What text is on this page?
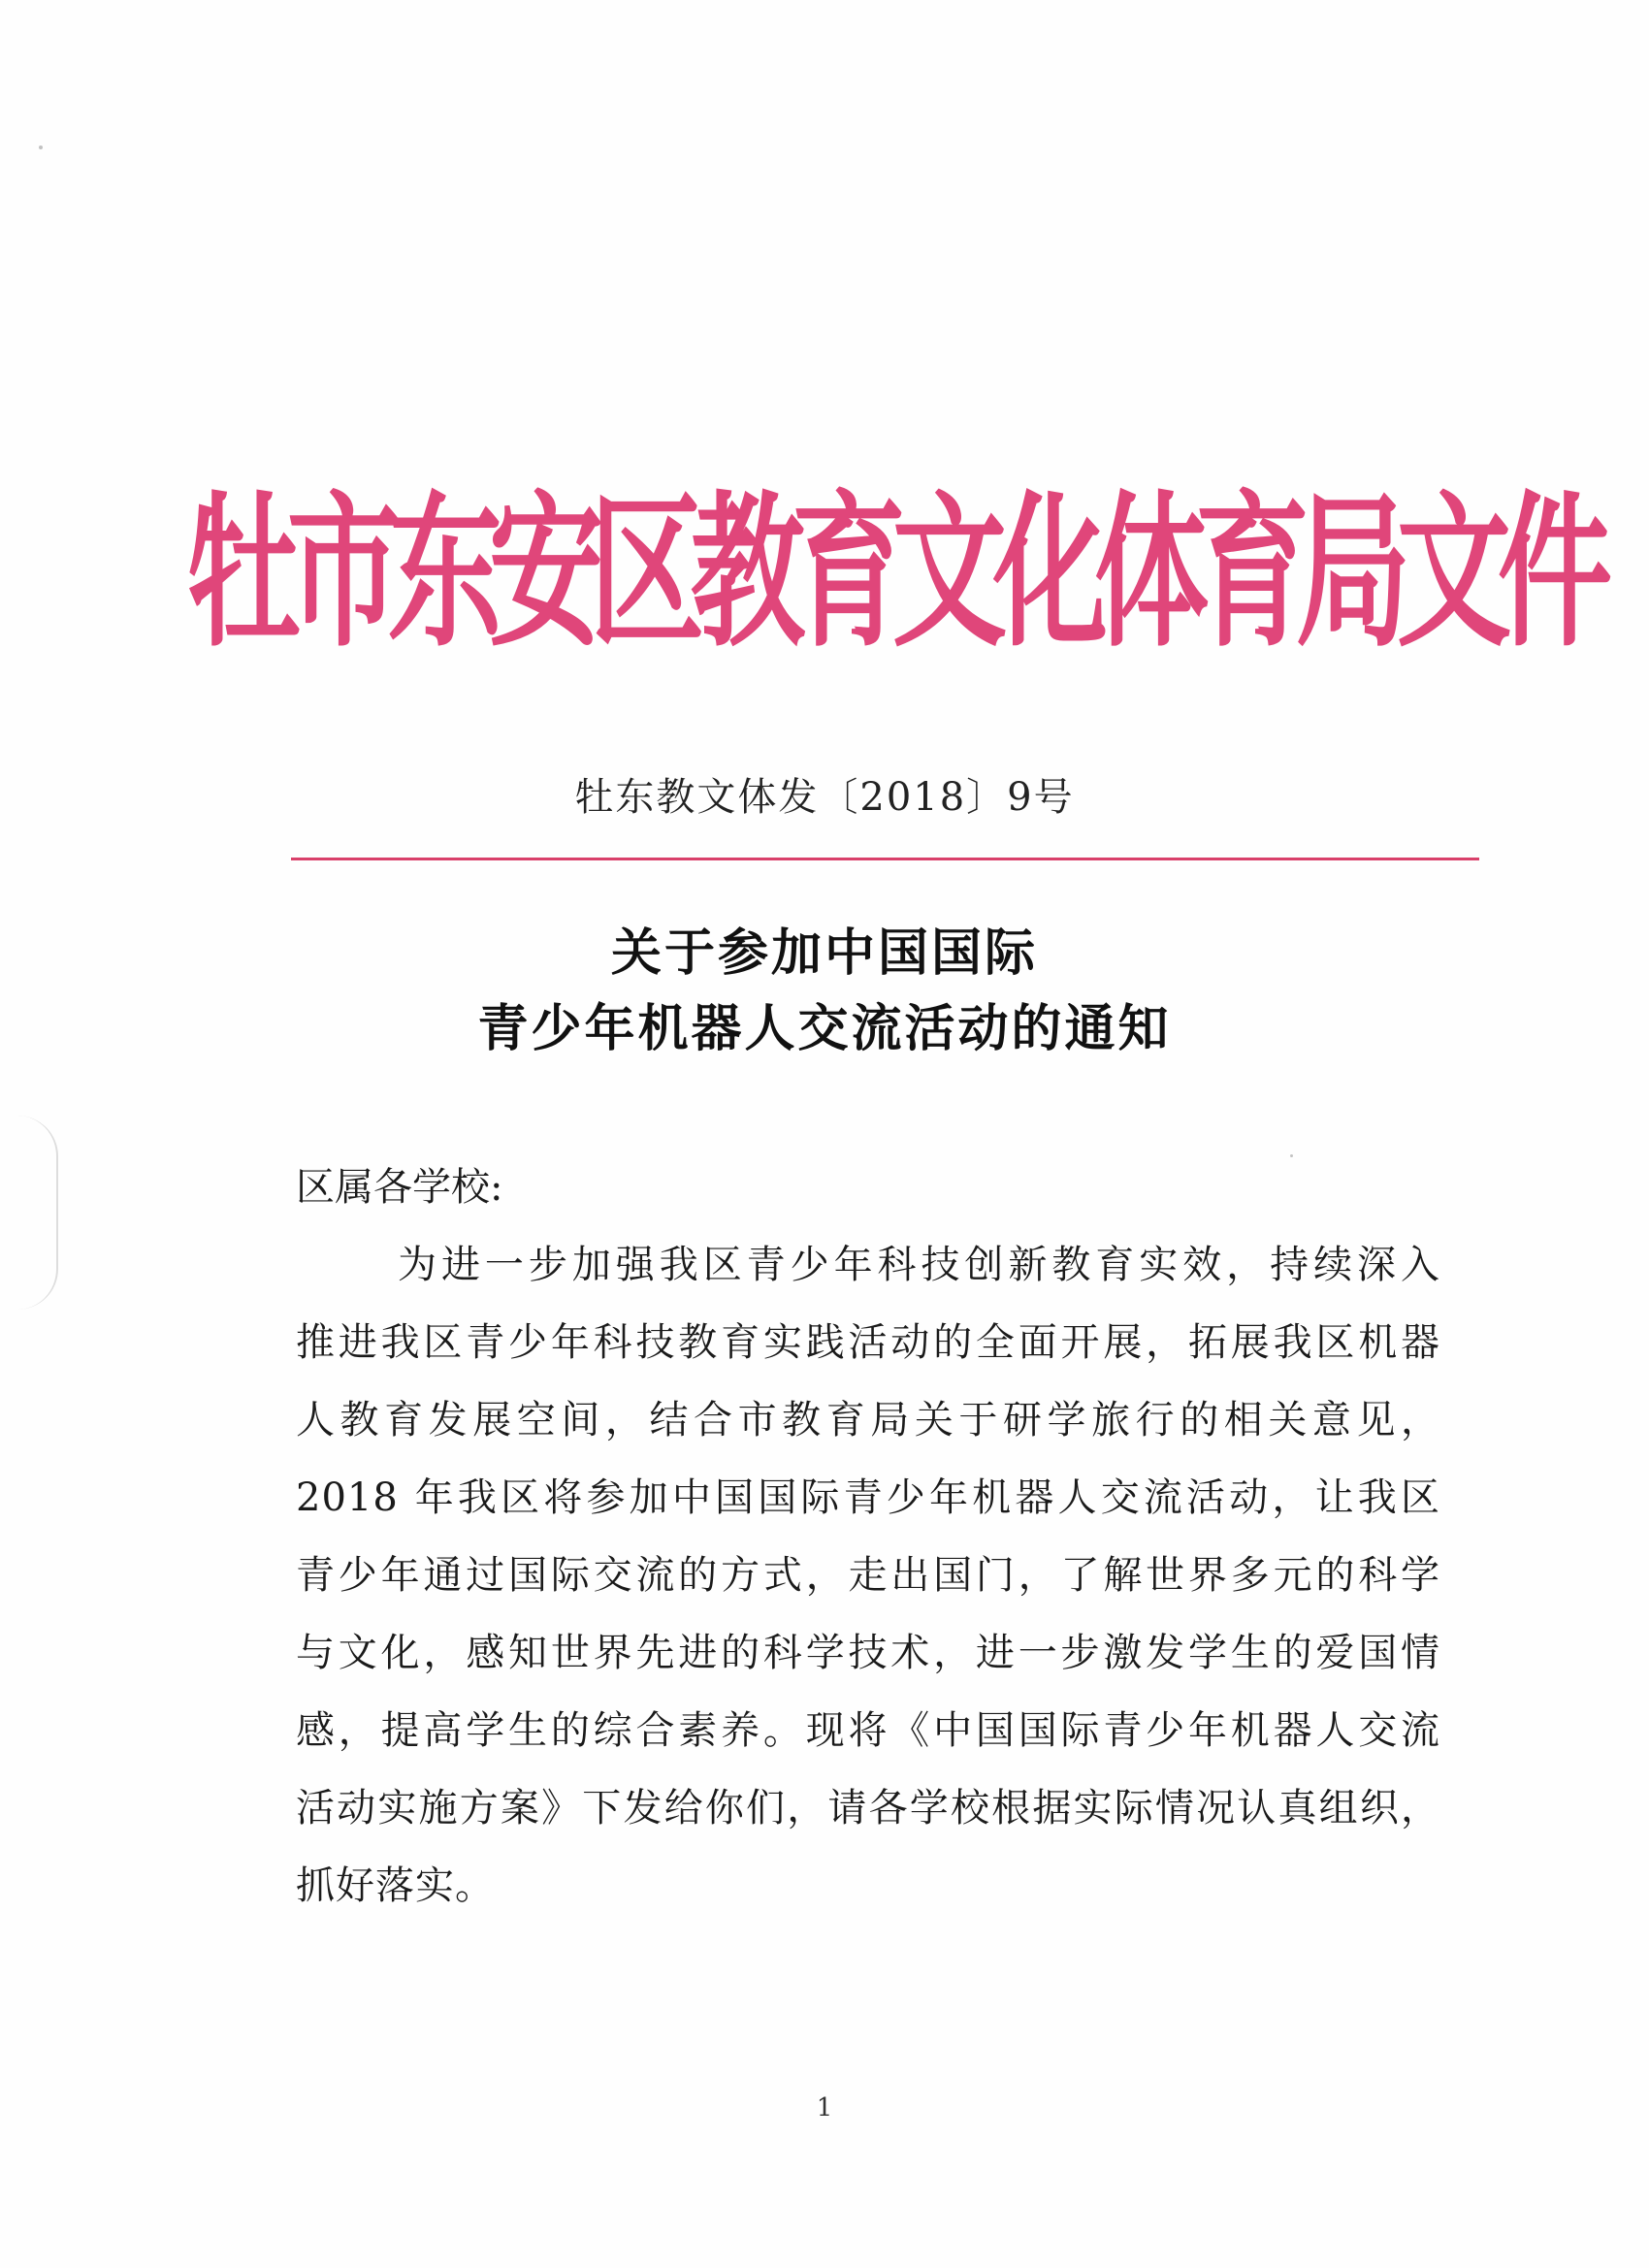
牡市东安区教育文化体育局文件
牡东教文体发〔2018〕9号
关于参加中国国际
青少年机器人交流活动的通知
区属各学校:
为进一步加强我区青少年科技创新教育实效，持续深入
推进我区青少年科技教育实践活动的全面开展，拓展我区机器
人教育发展空间，结合市教育局关于研学旅行的相关意见，
2018 年我区将参加中国国际青少年机器人交流活动，让我区
青少年通过国际交流的方式，走出国门，了解世界多元的科学
与文化，感知世界先进的科学技术，进一步激发学生的爱国情
感，提高学生的综合素养。现将《中国国际青少年机器人交流
活动实施方案》下发给你们，请各学校根据实际情况认真组织，
抓好落实。
1
